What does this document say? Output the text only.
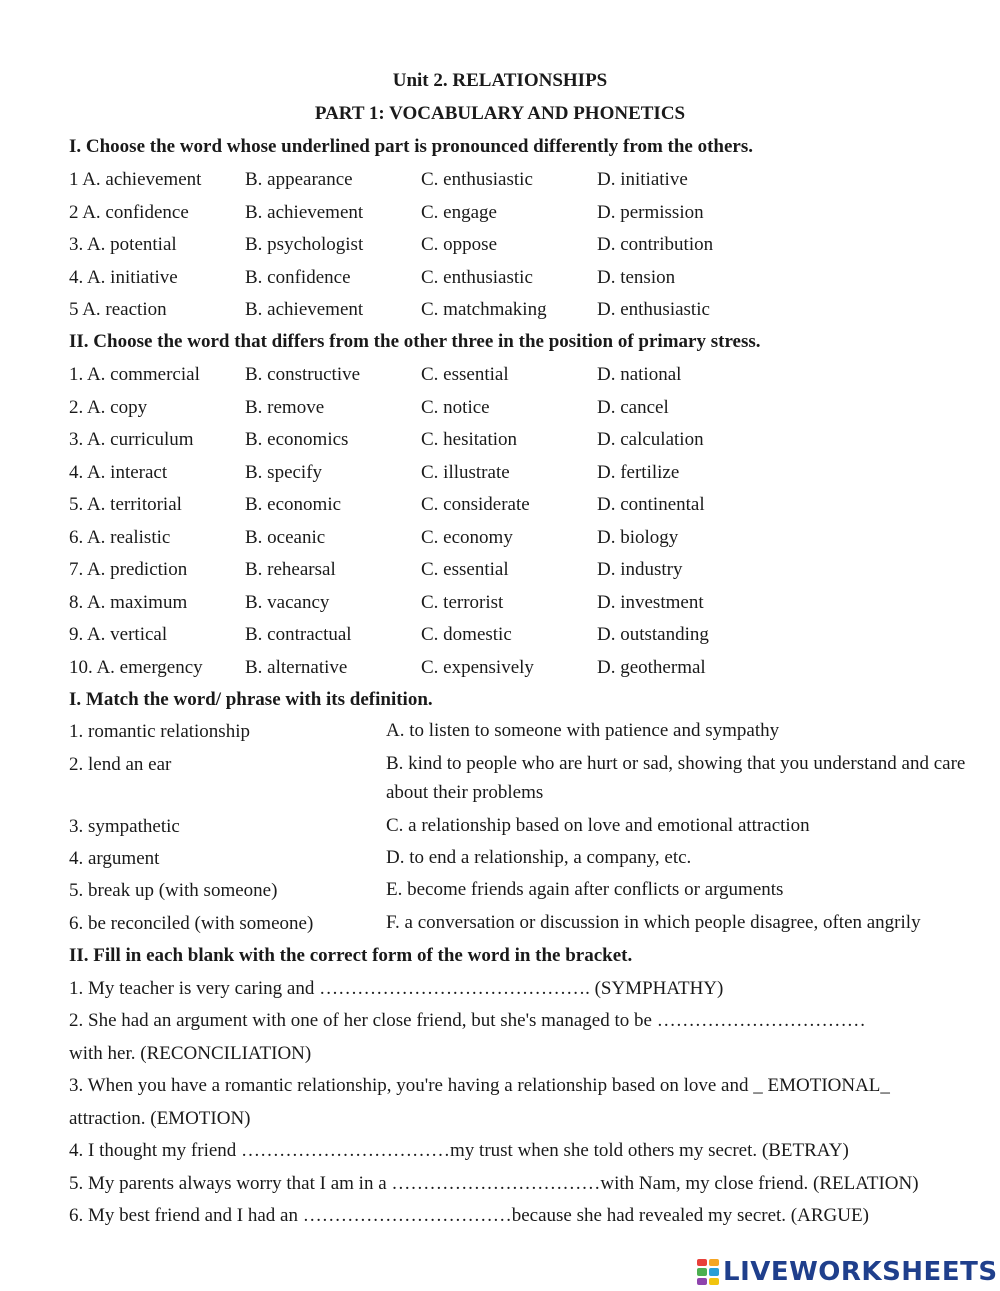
Unit 2. RELATIONSHIPS
PART 1: VOCABULARY AND PHONETICS
I. Choose the word whose underlined part is pronounced differently from the others.
1 A. achievement B. appearance	C. enthusiastic	D. initiative
2 A. confidence	B. achievement	C. engage	D. permission
3. A. potential	B. psychologist	C. oppose	D. contribution
4. A. initiative	B. confidence	C. enthusiastic	D. tension
5 A. reaction	B. achievement	C. matchmaking	D. enthusiastic
II. Choose the word that differs from the other three in the position of primary stress.
1. A. commercial B. constructive	C. essential	D. national
2. A. copy	B. remove	C. notice	D. cancel
3. A. curriculum	B. economics	C. hesitation	D. calculation
4. A. interact	B. specify	C. illustrate	D. fertilize
5. A. territorial	B. economic	C. considerate	D. continental
6. A. realistic	B. oceanic	C. economy	D. biology
7. A. prediction	B. rehearsal	C. essential	D. industry
8. A. maximum	B. vacancy	C. terrorist	D. investment
9. A. vertical	B. contractual	C. domestic	D. outstanding
10. A. emergency B. alternative	C. expensively	D. geothermal
I. Match the word/ phrase with its definition.
1. romantic relationship	A. to listen to someone with patience and sympathy
2. lend an ear	B. kind to people who are hurt or sad, showing that you understand and care about their problems
3. sympathetic	C. a relationship based on love and emotional attraction
4. argument	D. to end a relationship, a company, etc.
5. break up (with someone)	E. become friends again after conflicts or arguments
6. be reconciled (with someone)	F. a conversation or discussion in which people disagree, often angrily
II. Fill in each blank with the correct form of the word in the bracket.
1. My teacher is very caring and ……………………………………. (SYMPHATHY)
2. She had an argument with one of her close friend, but she's managed to be ……………………………
with her. (RECONCILIATION)
3. When you have a romantic relationship, you're having a relationship based on love and _ EMOTIONAL_
attraction. (EMOTION)
4. I thought my friend ……………………………my trust when she told others my secret. (BETRAY)
5. My parents always worry that I am in a ……………………………with Nam, my close friend. (RELATION)
6. My best friend and I had an ……………………………because she had revealed my secret. (ARGUE)
LIVEWORKSHEETS
